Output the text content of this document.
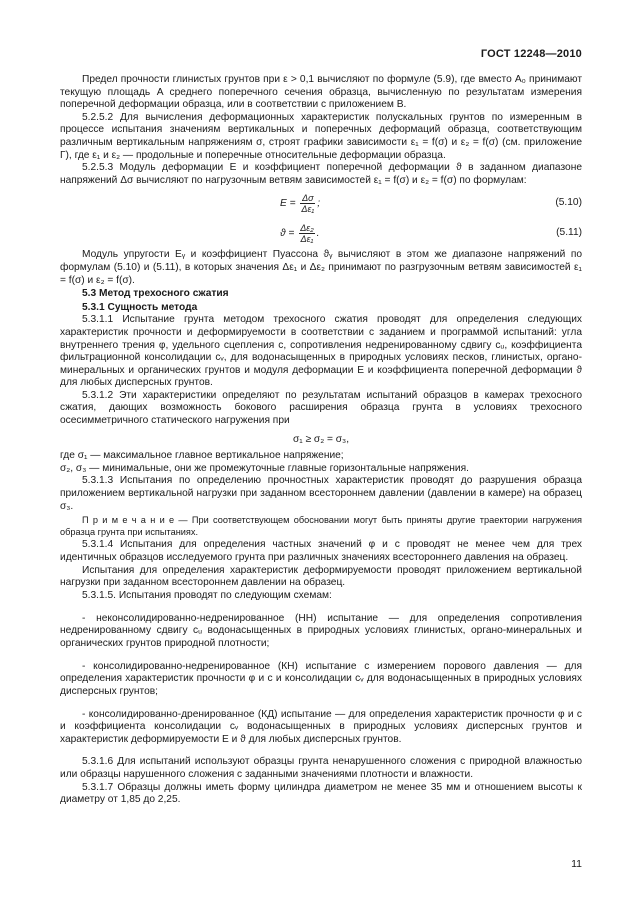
ГОСТ 12248—2010

Предел прочности глинистых грунтов при ε > 0,1 вычисляют по формуле (5.9), где вместо A₀ принимают текущую площадь A среднего поперечного сечения образца, вычисленную по результатам измерения поперечной деформации образца, или в соответствии с приложением В.

5.2.5.2 Для вычисления деформационных характеристик полускальных грунтов по измеренным в процессе испытания значениям вертикальных и поперечных деформаций образца, соответствующим различным вертикальным напряжениям σ, строят графики зависимости ε₁ = f(σ) и ε₂ = f(σ) (см. приложение Г), где ε₁ и ε₂ — продольные и поперечные относительные деформации образца.

5.2.5.3 Модуль деформации E и коэффициент поперечной деформации ϑ в заданном диапазоне напряжений Δσ вычисляют по нагрузочным ветвям зависимостей ε₁ = f(σ) и ε₂ = f(σ) по формулам:

$E = \frac{\Delta\sigma}{\text{Δε₁}}$ ;	(5.10)
$ϑ = \frac{\text{Δε₂}}{\text{Δε₁}}$ .	(5.11)

Модуль упругости Eᵧ и коэффициент Пуассона ϑᵧ вычисляют в этом же диапазоне напряжений по формулам (5.10) и (5.11), в которых значения Δε₁ и Δε₂ принимают по разгрузочным ветвям зависимостей ε₁ = f(σ) и ε₂ = f(σ).

5.3 Метод трехосного сжатия

5.3.1 Сущность метода

5.3.1.1 Испытание грунта методом трехосного сжатия проводят для определения следующих характеристик прочности и деформируемости в соответствии с заданием и программой испытаний: угла внутреннего трения φ, удельного сцепления c, сопротивления недренированному сдвигу cᵤ, коэффициента фильтрационной консолидации cᵥ, для водонасыщенных в природных условиях песков, глинистых, органо-минеральных и органических грунтов и модуля деформации E и коэффициента поперечной деформации ϑ для любых дисперсных грунтов.

5.3.1.2 Эти характеристики определяют по результатам испытаний образцов в камерах трехосного сжатия, дающих возможность бокового расширения образца грунта в условиях трехосного осесимметричного статического нагружения при

σ₁ ≥ σ₂ = σ₃,

где σ₁ — максимальное главное вертикальное напряжение;

σ₂, σ₃ — минимальные, они же промежуточные главные горизонтальные напряжения.

5.3.1.3 Испытания по определению прочностных характеристик проводят до разрушения образца приложением вертикальной нагрузки при заданном всестороннем давлении (давлении в камере) на образец σ₃.

П р и м е ч а н и е — При соответствующем обосновании могут быть приняты другие траектории нагружения образца грунта при испытаниях.

5.3.1.4 Испытания для определения частных значений φ и c проводят не менее чем для трех идентичных образцов исследуемого грунта при различных значениях всестороннего давления на образец.

Испытания для определения характеристик деформируемости проводят приложением вертикальной нагрузки при заданном всестороннем давлении на образец.

5.3.1.5. Испытания проводят по следующим схемам:

- неконсолидированно-недренированное (НН) испытание — для определения сопротивления недренированному сдвигу cᵤ водонасыщенных в природных условиях глинистых, органо-минеральных и органических грунтов природной плотности;

- консолидированно-недренированное (КН) испытание с измерением порового давления — для определения характеристик прочности φ и c и консолидации cᵥ для водонасыщенных в природных условиях дисперсных грунтов;

- консолидированно-дренированное (КД) испытание — для определения характеристик прочности φ и c и коэффициента консолидации cᵥ водонасыщенных в природных условиях дисперсных грунтов и характеристик деформируемости E и ϑ для любых дисперсных грунтов.

5.3.1.6 Для испытаний используют образцы грунта ненарушенного сложения с природной влажностью или образцы нарушенного сложения с заданными значениями плотности и влажности.

5.3.1.7 Образцы должны иметь форму цилиндра диаметром не менее 35 мм и отношением высоты к диаметру от 1,85 до 2,25.

11
